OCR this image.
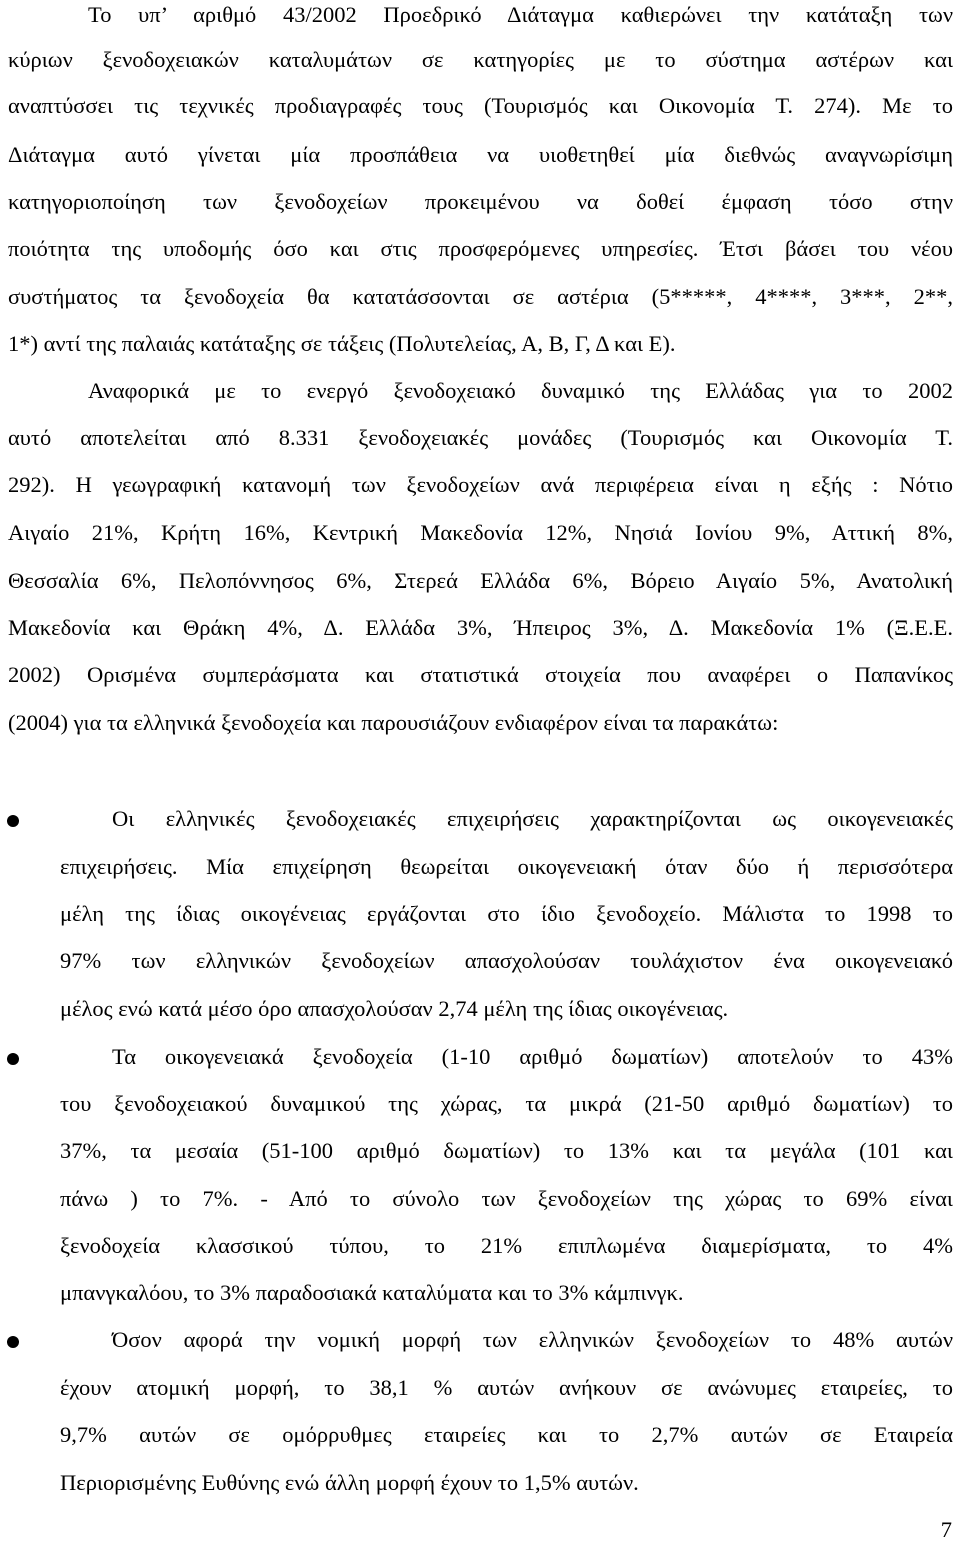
Το υπ’ αριθμό 43/2002 Προεδρικό Διάταγμα καθιερώνει την κατάταξη των
κύριων ξενοδοχειακών καταλυμάτων σε κατηγορίες με το σύστημα αστέρων και
αναπτύσσει τις τεχνικές προδιαγραφές τους (Τουρισμός και Οικονομία Τ. 274). Με το
Διάταγμα αυτό γίνεται μία προσπάθεια να υιοθετηθεί μία διεθνώς αναγνωρίσιμη
κατηγοριοποίηση των ξενοδοχείων προκειμένου να δοθεί έμφαση τόσο στην
ποιότητα της υποδομής όσο και στις προσφερόμενες υπηρεσίες. Έτσι βάσει του νέου
συστήματος τα ξενοδοχεία θα κατατάσσονται σε αστέρια (5*****, 4****, 3***, 2**,
1*) αντί της παλαιάς κατάταξης σε τάξεις (Πολυτελείας, Α, Β, Γ, Δ και Ε).
Αναφορικά με το ενεργό ξενοδοχειακό δυναμικό της Ελλάδας για το 2002
αυτό αποτελείται από 8.331 ξενοδοχειακές μονάδες (Τουρισμός και Οικονομία Τ.
292). Η γεωγραφική κατανομή των ξενοδοχείων ανά περιφέρεια είναι η εξής : Νότιο
Αιγαίο 21%, Κρήτη 16%, Κεντρική Μακεδονία 12%, Νησιά Ιονίου 9%, Αττική 8%,
Θεσσαλία 6%, Πελοπόννησος 6%, Στερεά Ελλάδα 6%, Βόρειο Αιγαίο 5%, Ανατολική
Μακεδονία και Θράκη 4%, Δ. Ελλάδα 3%, Ήπειρος 3%, Δ. Μακεδονία 1% (Ξ.Ε.Ε.
2002) Ορισμένα συμπεράσματα και στατιστικά στοιχεία που αναφέρει ο Παπανίκος
(2004) για τα ελληνικά ξενοδοχεία και παρουσιάζουν ενδιαφέρον είναι τα παρακάτω:
Οι ελληνικές ξενοδοχειακές επιχειρήσεις χαρακτηρίζονται ως οικογενειακές
επιχειρήσεις. Μία επιχείρηση θεωρείται οικογενειακή όταν δύο ή περισσότερα
μέλη της ίδιας οικογένειας εργάζονται στο ίδιο ξενοδοχείο. Μάλιστα το 1998 το
97% των ελληνικών ξενοδοχείων απασχολούσαν τουλάχιστον ένα οικογενειακό
μέλος ενώ κατά μέσο όρο απασχολούσαν 2,74 μέλη της ίδιας οικογένειας.
Τα οικογενειακά ξενοδοχεία (1-10 αριθμό δωματίων) αποτελούν το 43%
του ξενοδοχειακού δυναμικού της χώρας, τα μικρά (21-50 αριθμό δωματίων) το
37%, τα μεσαία (51-100 αριθμό δωματίων) το 13% και τα μεγάλα (101 και
πάνω ) το 7%. - Από το σύνολο των ξενοδοχείων της χώρας το 69% είναι
ξενοδοχεία κλασσικού τύπου, το 21% επιπλωμένα διαμερίσματα, το 4%
μπανγκαλόου, το 3% παραδοσιακά καταλύματα και το 3% κάμπινγκ.
Όσον αφορά την νομική μορφή των ελληνικών ξενοδοχείων το 48% αυτών
έχουν ατομική μορφή, το 38,1 % αυτών ανήκουν σε ανώνυμες εταιρείες, το
9,7% αυτών σε ομόρρυθμες εταιρείες και το 2,7% αυτών σε Εταιρεία
Περιορισμένης Ευθύνης ενώ άλλη μορφή έχουν το 1,5% αυτών.
7
